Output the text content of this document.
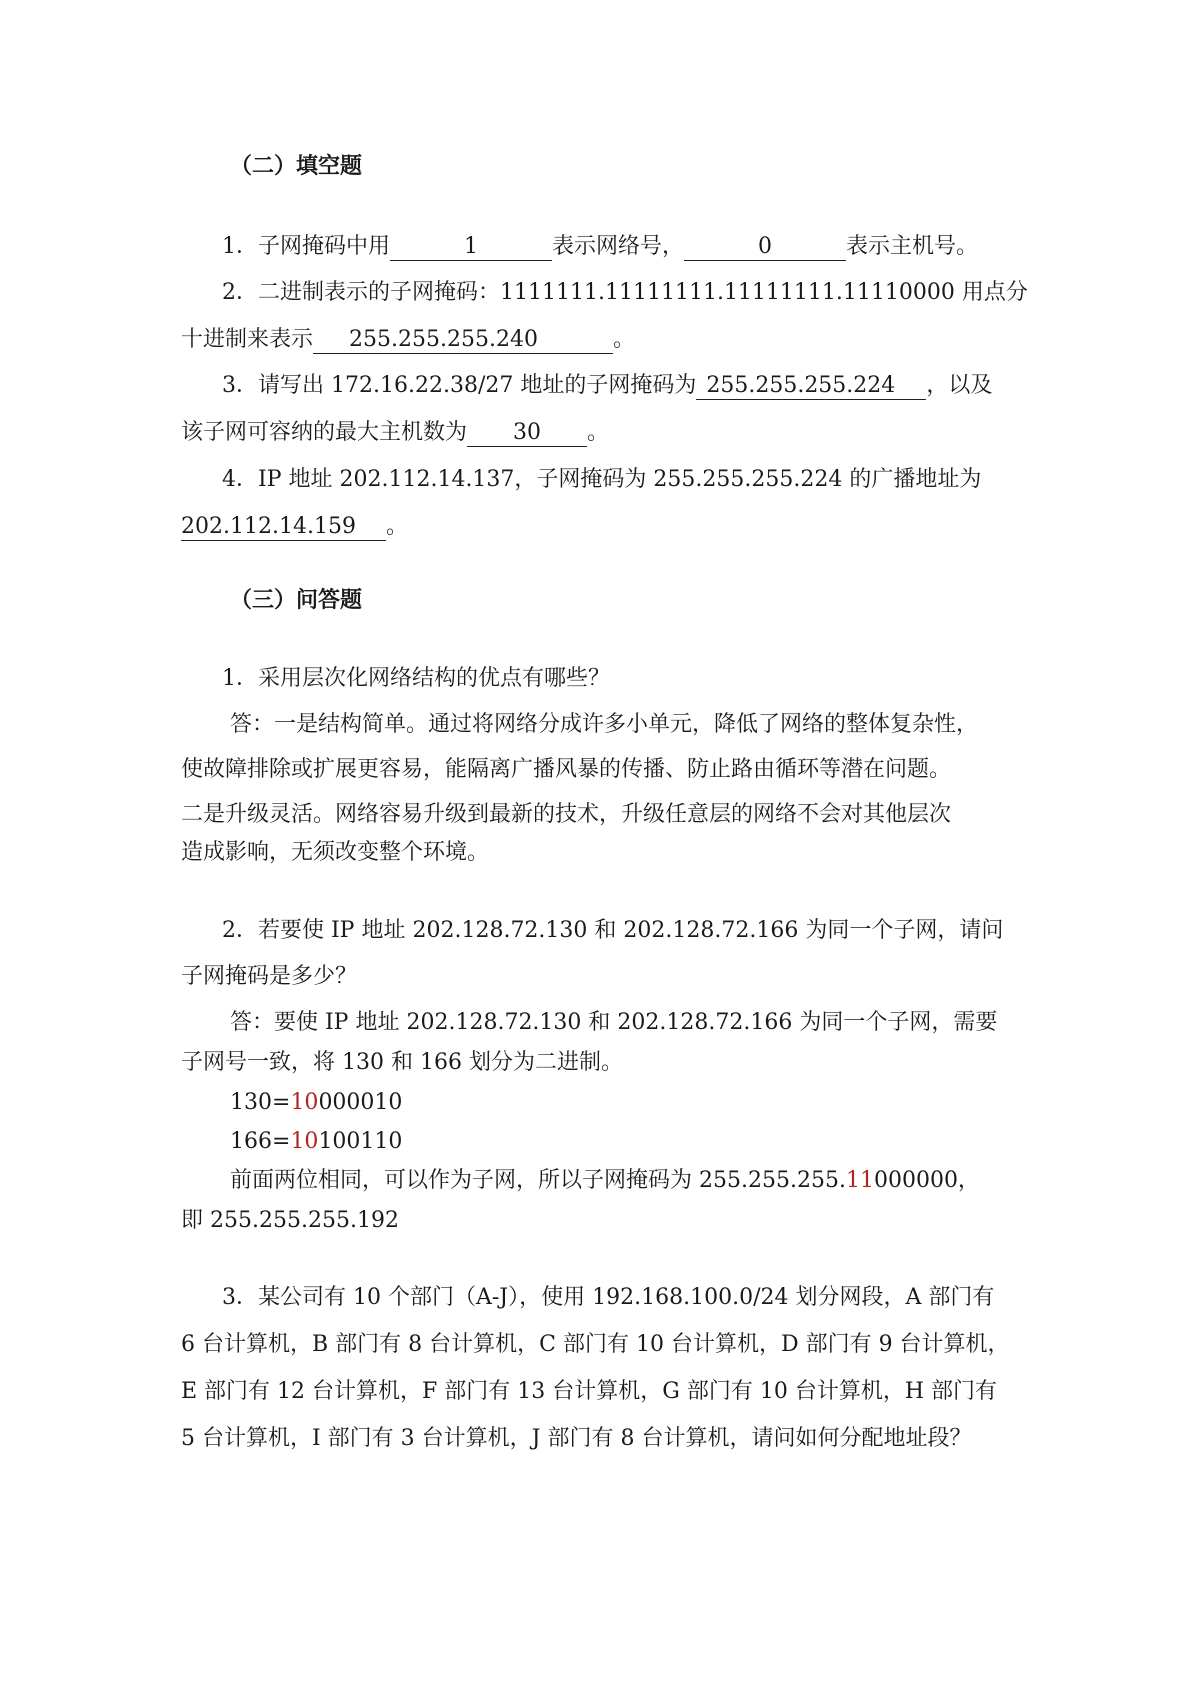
（二）填空题
1．子网掩码中用	1	表示网络号，	0	表示主机号。
2．二进制表示的子网掩码：1111111.11111111.11111111.11110000 用点分
十进制来表示 255.255.255.240	。
3．请写出 172.16.22.38/27 地址的子网掩码为 255.255.255.224 ，以及
该子网可容纳的最大主机数为 30 。
4．IP 地址 202.112.14.137，子网掩码为 255.255.255.224 的广播地址为
202.112.14.159 。
（三）问答题
1．采用层次化网络结构的优点有哪些？
答：一是结构简单。通过将网络分成许多小单元，降低了网络的整体复杂性，
使故障排除或扩展更容易，能隔离广播风暴的传播、防止路由循环等潜在问题。
二是升级灵活。网络容易升级到最新的技术，升级任意层的网络不会对其他层次
造成影响，无须改变整个环境。
2．若要使 IP 地址 202.128.72.130 和 202.128.72.166 为同一个子网，请问
子网掩码是多少？
答：要使 IP 地址 202.128.72.130 和 202.128.72.166 为同一个子网，需要
子网号一致，将 130 和 166 划分为二进制。
130=10000010
166=10100110
前面两位相同，可以作为子网，所以子网掩码为 255.255.255.11000000，
即 255.255.255.192
3．某公司有 10 个部门（A-J），使用 192.168.100.0/24 划分网段，A 部门有
6 台计算机，B 部门有 8 台计算机，C 部门有 10 台计算机，D 部门有 9 台计算机，
E 部门有 12 台计算机，F 部门有 13 台计算机，G 部门有 10 台计算机，H 部门有
5 台计算机，I 部门有 3 台计算机，J 部门有 8 台计算机，请问如何分配地址段？
